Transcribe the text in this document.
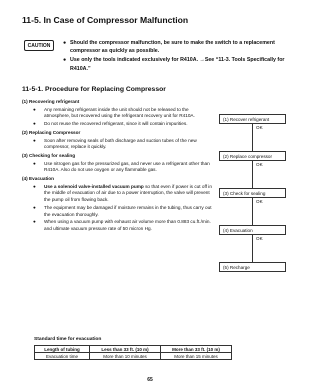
11-5. In Case of Compressor Malfunction
CAUTION	● Should the compressor malfunction, be sure to make the switch to a replacement compressor as quickly as possible.
● Use only the tools indicated exclusively for R410A. →See “11-3. Tools Specifically for R410A.”
11-5-1. Procedure for Replacing Compressor

(1) Recovering refrigerant

● Any remaining refrigerant inside the unit should not be released to the atmosphere, but recovered using the refrigerant recovery unit for R410A.
● Do not reuse the recovered refrigerant, since it will contain impurities.

(2) Replacing Compressor

● Soon after removing seals of both discharge and suction tubes of the new compressor, replace it quickly.

(3) Checking for sealing

● Use nitrogen gas for the pressurized gas, and never use a refrigerant other than R410A. Also do not use oxygen or any flammable gas.

(4) Evacuation

● Use a solenoid valve-installed vacuum pump so that even if power is cut off in the middle of evacuation of air due to a power interruption, the valve will prevent the pump oil from flowing back.
● The equipment may be damaged if moisture remains in the tubing, thus carry out the evacuation thoroughly.
● When using a vacuum pump with exhaust air volume more than 0.883 cu.ft./min. and ultimate vacuum pressure rate of 50 micron Hg.
(1) Recover refrigerant
OK
(2) Replace compressor
OK
(3) Check for sealing
OK
(4) Evacuation
OK
(5) Recharge
Standard time for evacuation
Length of tubing	Less than 33 ft. (10 m)	More than 33 ft. (10 m)
Evacuation time	More than 10 minutes	More than 15 minutes
65
